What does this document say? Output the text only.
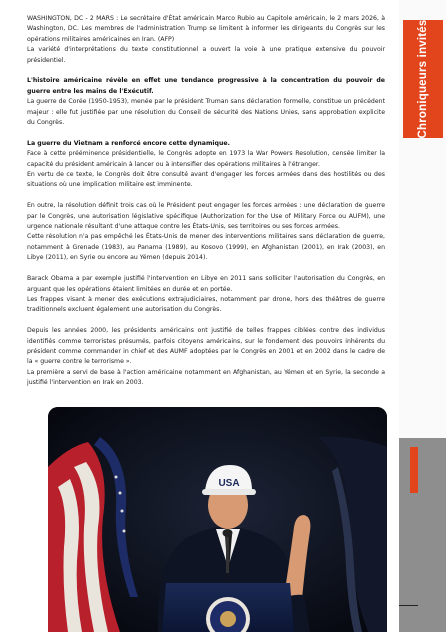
WASHINGTON, DC - 2 MARS : Le secrétaire d'État américain Marco Rubio au Capitole américain, le 2 mars 2026, à Washington, DC. Les membres de l'administration Trump se limitent à informer les dirigeants du Congrès sur les opérations militaires américaines en Iran. (AFP)
La variété d'interprétations du texte constitutionnel a ouvert la voie à une pratique extensive du pouvoir présidentiel.

L'histoire américaine révèle en effet une tendance progressive à la concentration du pouvoir de guerre entre les mains de l'Exécutif.

La guerre de Corée (1950-1953), menée par le président Truman sans déclaration formelle, constitue un précédent majeur : elle fut justifiée par une résolution du Conseil de sécurité des Nations Unies, sans approbation explicite du Congrès.

La guerre du Vietnam a renforcé encore cette dynamique.

Face à cette prééminence présidentielle, le Congrès adopte en 1973 la War Powers Resolution, censée limiter la capacité du président américain à lancer ou à intensifier des opérations militaires à l'étranger.
En vertu de ce texte, le Congrès doit être consulté avant d'engager les forces armées dans des hostilités ou des situations où une implication militaire est imminente.

En outre, la résolution définit trois cas où le Président peut engager les forces armées : une déclaration de guerre par le Congrès, une autorisation législative spécifique (Authorization for the Use of Military Force ou AUFM), une urgence nationale résultant d'une attaque contre les États-Unis, ses territoires ou ses forces armées.
Cette résolution n'a pas empêché les États-Unis de mener des interventions militaires sans déclaration de guerre, notamment à Grenade (1983), au Panama (1989), au Kosovo (1999), en Afghanistan (2001), en Irak (2003), en Libye (2011), en Syrie ou encore au Yémen (depuis 2014).

Barack Obama a par exemple justifié l'intervention en Libye en 2011 sans solliciter l'autorisation du Congrès, en arguant que les opérations étaient limitées en durée et en portée.
Les frappes visant à mener des exécutions extrajudiciaires, notamment par drone, hors des théâtres de guerre traditionnels excluent également une autorisation du Congrès.

Depuis les années 2000, les présidents américains ont justifié de telles frappes ciblées contre des individus identifiés comme terroristes présumés, parfois citoyens américains, sur le fondement des pouvoirs inhérents du président comme commander in chief et des AUMF adoptées par le Congrès en 2001 et en 2002 dans le cadre de la « guerre contre le terrorisme ».
La première a servi de base à l'action américaine notamment en Afghanistan, au Yémen et en Syrie, la seconde a justifié l'intervention en Irak en 2003.

Chroniqueurs invités
USA
